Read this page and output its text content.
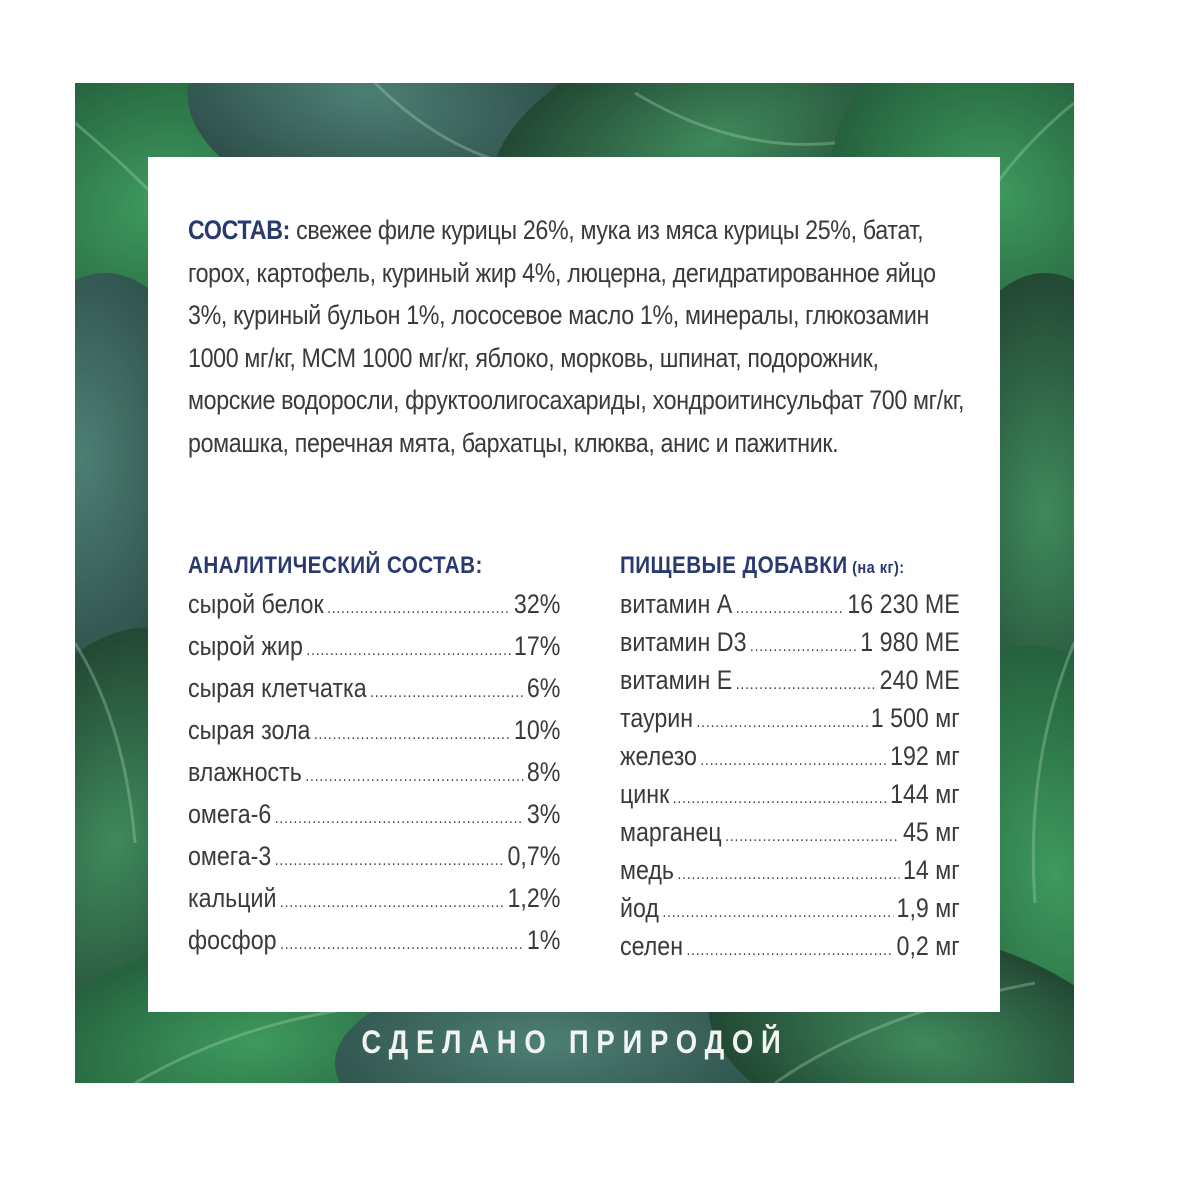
СОСТАВ: свежее филе курицы 26%, мука из мяса курицы 25%, батат, горох, картофель, куриный жир 4%, люцерна, дегидратированное яйцо 3%, куриный бульон 1%, лососевое масло 1%, минералы, глюкозамин 1000 мг/кг, МСМ 1000 мг/кг, яблоко, морковь, шпинат, подорожник, морские водоросли, фруктоолигосахариды, хондроитинсульфат 700 мг/кг, ромашка, перечная мята, бархатцы, клюква, анис и пажитник.

АНАЛИТИЧЕСКИЙ СОСТАВ:
сырой белок .....	32%
сырой жир .....	17%
сырая клетчатка .....	6%
сырая зола .....	10%
влажность .....	8%
омега-6 .....	3%
омега-3 .....	0,7%
кальций .....	1,2%
фосфор .....	1%
ПИЩЕВЫЕ ДОБАВКИ (на кг):
витамин А .....	16 230 МЕ
витамин D3 .....	1 980 МЕ
витамин Е .....	240 МЕ
таурин .....	1 500 мг
железо .....	192 мг
цинк .....	144 мг
марганец .....	45 мг
медь .....	14 мг
йод .....	1,9 мг
селен .....	0,2 мг
СДЕЛАНО ПРИРОДОЙ
